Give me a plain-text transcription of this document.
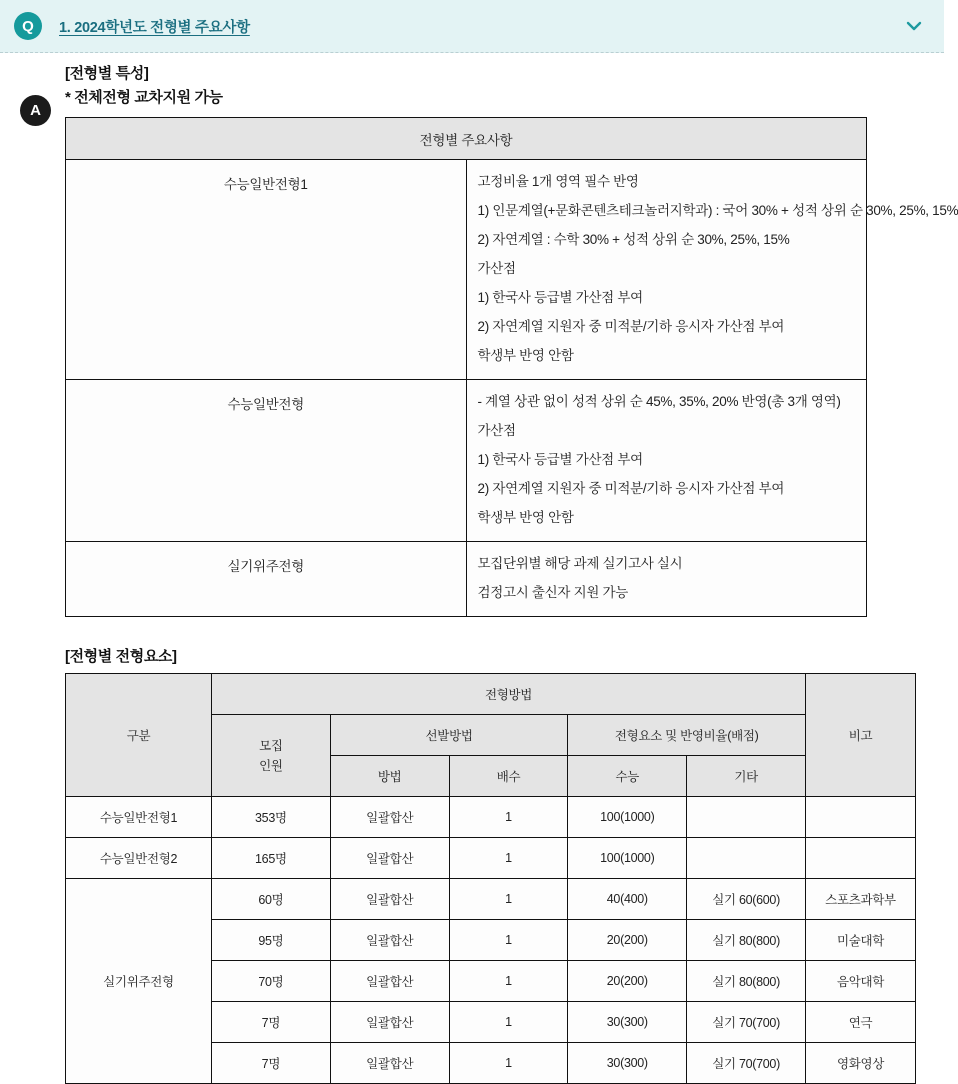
Q	1. 2024학년도 전형별 주요사항
A
[전형별 특성]
* 전체전형 교차지원 가능
전형별 주요사항	
수능일반전형1	고정비율 1개 영역 필수 반영

1) 인문계열(+문화콘텐츠테크놀러지학과) : 국어 30% + 성적 상위 순 30%, 25%, 15%

2) 자연계열 : 수학 30% + 성적 상위 순 30%, 25%, 15%

가산점

1) 한국사 등급별 가산점 부여

2) 자연계열 지원자 중 미적분/기하 응시자 가산점 부여

학생부 반영 안함

수능일반전형	- 계열 상관 없이 성적 상위 순 45%, 35%, 20% 반영(총 3개 영역)

가산점

1) 한국사 등급별 가산점 부여

2) 자연계열 지원자 중 미적분/기하 응시자 가산점 부여

학생부 반영 안함

실기위주전형	모집단위별 해당 과제 실기고사 실시

검정고시 출신자 지원 가능

[전형별 전형요소]
구분	전형방법					비고
	모집
인원	선발방법		전형요소 및 반영비율(배점)		
		방법	배수	수능	기타	
수능일반전형1	353명	일괄합산	1	100(1000)		
수능일반전형2	165명	일괄합산	1	100(1000)		
실기위주전형	60명	일괄합산	1	40(400)	실기 60(600)	스포츠과학부
	95명	일괄합산	1	20(200)	실기 80(800)	미술대학
	70명	일괄합산	1	20(200)	실기 80(800)	음악대학
	7명	일괄합산	1	30(300)	실기 70(700)	연극
	7명	일괄합산	1	30(300)	실기 70(700)	영화영상
